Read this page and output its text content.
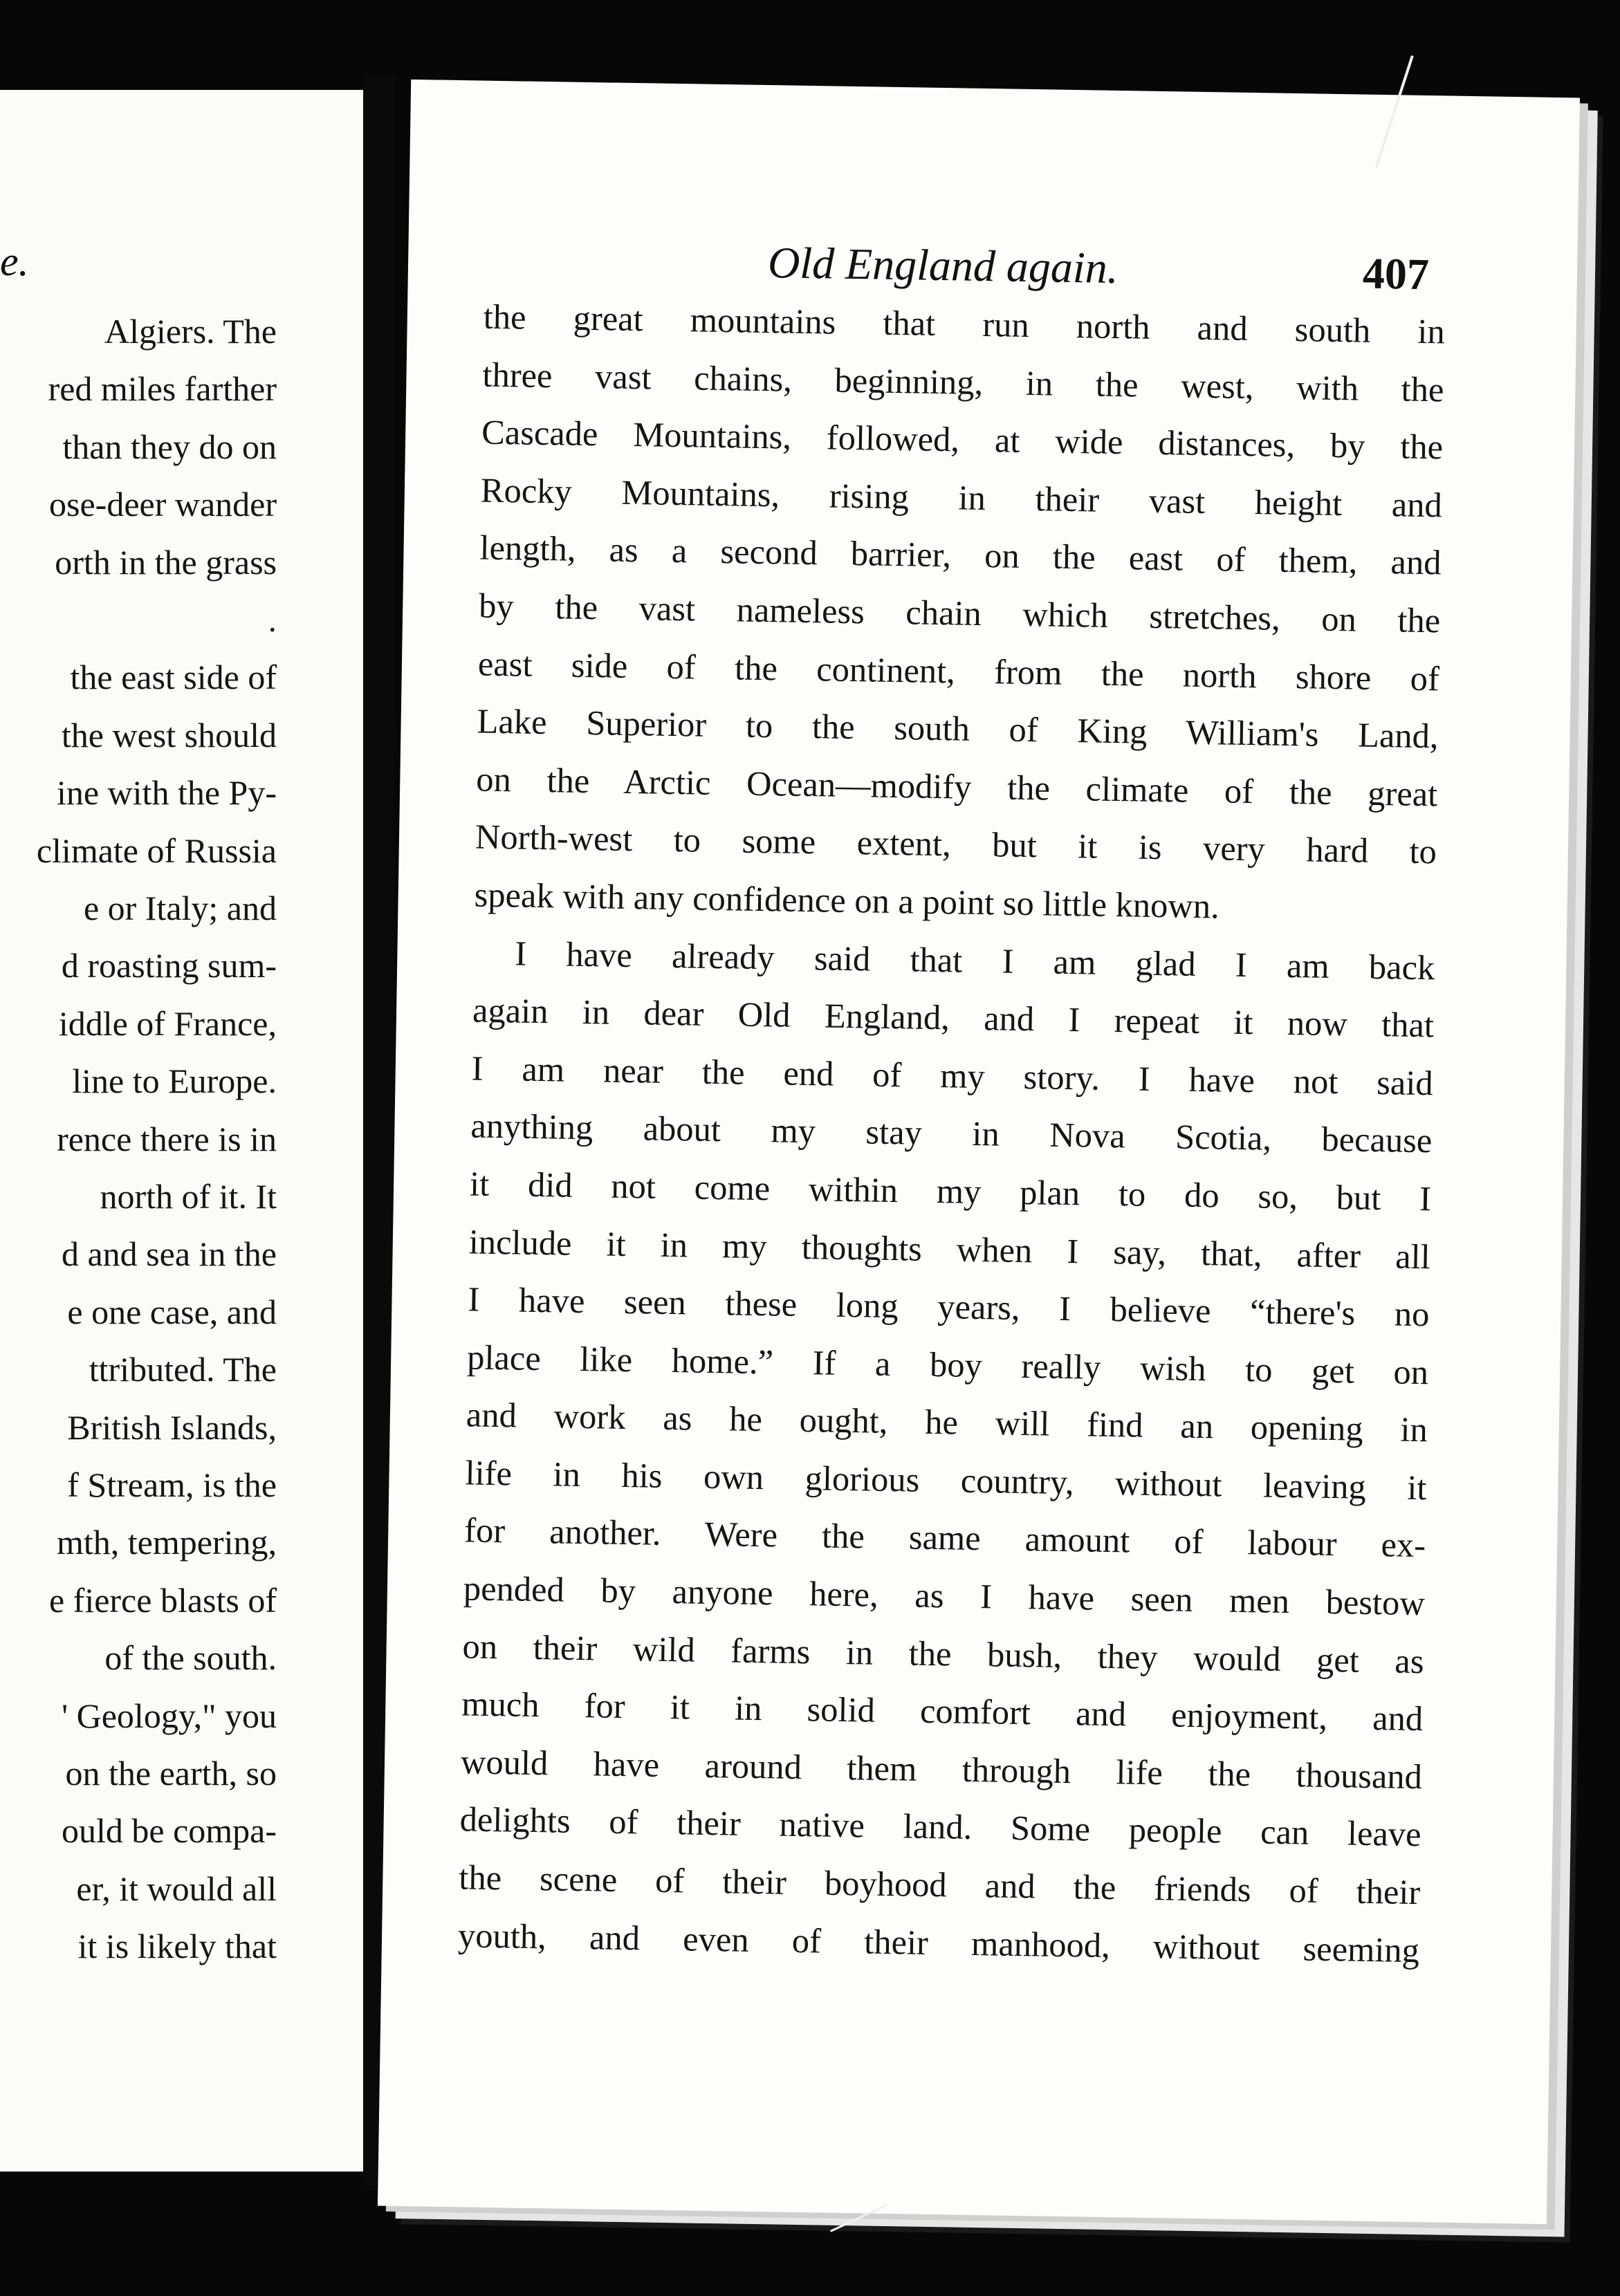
e.
Algiers. The
red miles farther
than they do on
ose-deer wander
orth in the grass
.
the east side of
the west should
ine with the Py-
climate of Russia
e or Italy; and
d roasting sum-
iddle of France,
line to Europe.
rence there is in
north of it. It
d and sea in the
e one case, and
ttributed. The
British Islands,
f Stream, is the
mth, tempering,
e fierce blasts of
of the south.
' Geology," you
on the earth, so
ould be compa-
er, it would all
it is likely that
Old England again.	407
the great mountains that run north and south in
three vast chains, beginning, in the west, with the
Cascade Mountains, followed, at wide distances, by the
Rocky Mountains, rising in their vast height and
length, as a second barrier, on the east of them, and
by the vast nameless chain which stretches, on the
east side of the continent, from the north shore of
Lake Superior to the south of King William's Land,
on the Arctic Ocean—modify the climate of the great
North-west to some extent, but it is very hard to
speak with any confidence on a point so little known.
I have already said that I am glad I am back
again in dear Old England, and I repeat it now that
I am near the end of my story. I have not said
anything about my stay in Nova Scotia, because
it did not come within my plan to do so, but I
include it in my thoughts when I say, that, after all
I have seen these long years, I believe “there's no
place like home.” If a boy really wish to get on
and work as he ought, he will find an opening in
life in his own glorious country, without leaving it
for another. Were the same amount of labour ex-
pended by anyone here, as I have seen men bestow
on their wild farms in the bush, they would get as
much for it in solid comfort and enjoyment, and
would have around them through life the thousand
delights of their native land. Some people can leave
the scene of their boyhood and the friends of their
youth, and even of their manhood, without seeming
